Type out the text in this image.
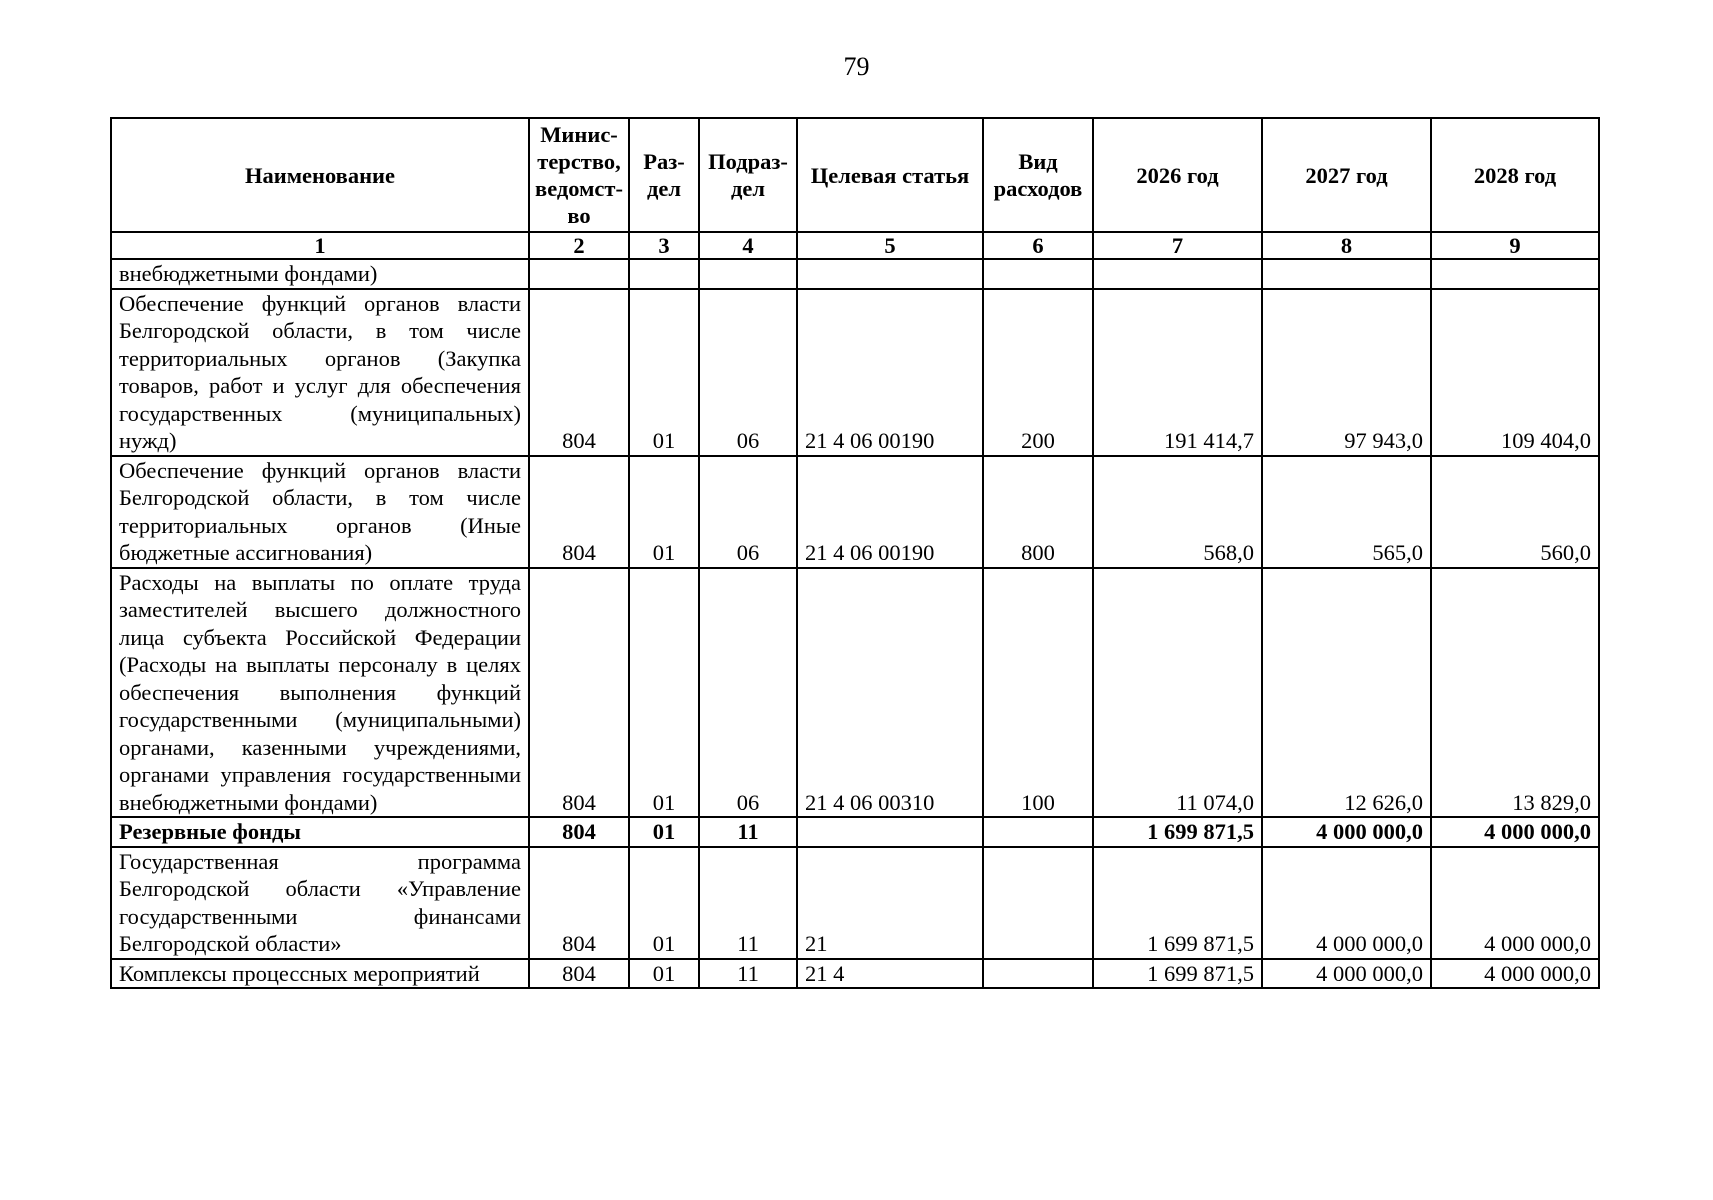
79
Наименование	Минис-терство, ведомст-во	Раз-дел	Подраз-дел	Целевая статья	Вид расходов	2026 год	2027 год	2028 год
1	2	3	4	5	6	7	8	9
внебюджетными фондами)								
Обеспечение функций органов власти Белгородской области, в том числе территориальных органов (Закупка товаров, работ и услуг для обеспечения государственных (муниципальных) нужд)	804	01	06	21 4 06 00190	200	191 414,7	97 943,0	109 404,0
Обеспечение функций органов власти Белгородской области, в том числе территориальных органов (Иные бюджетные ассигнования)	804	01	06	21 4 06 00190	800	568,0	565,0	560,0
Расходы на выплаты по оплате труда заместителей высшего должностного лица субъекта Российской Федерации (Расходы на выплаты персоналу в целях обеспечения выполнения функций государственными (муниципальными) органами, казенными учреждениями, органами управления государственными внебюджетными фондами)	804	01	06	21 4 06 00310	100	11 074,0	12 626,0	13 829,0
Резервные фонды	804	01	11			1 699 871,5	4 000 000,0	4 000 000,0
Государственная программа Белгородской области «Управление государственными финансами Белгородской области»	804	01	11	21		1 699 871,5	4 000 000,0	4 000 000,0
Комплексы процессных мероприятий	804	01	11	21 4		1 699 871,5	4 000 000,0	4 000 000,0
